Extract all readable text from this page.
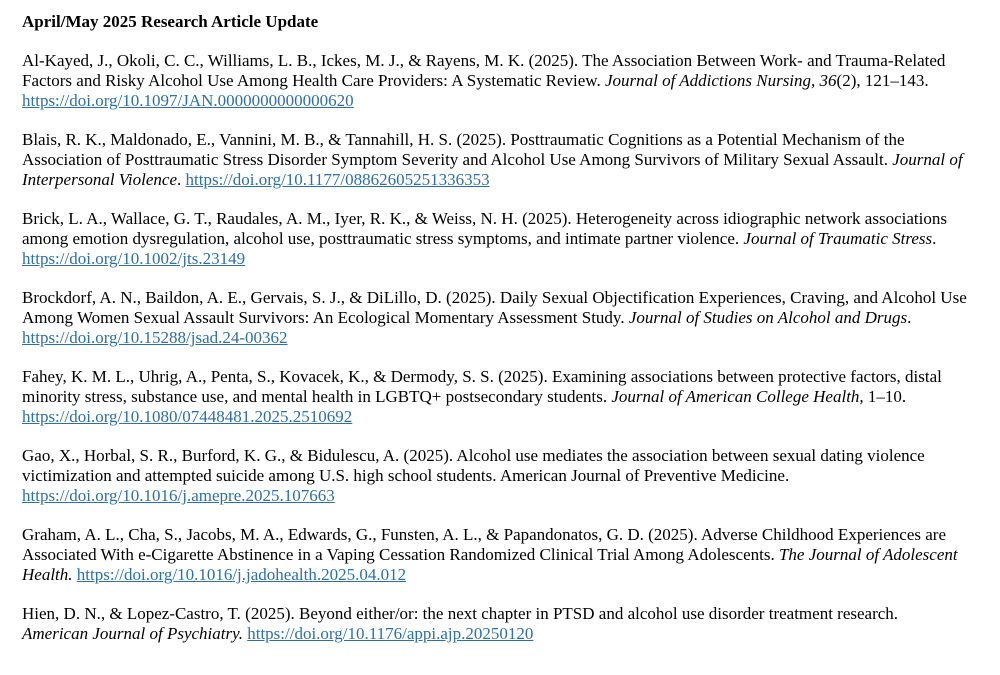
April/May 2025 Research Article Update

Al-Kayed, J., Okoli, C. C., Williams, L. B., Ickes, M. J., & Rayens, M. K. (2025). The Association Between Work- and Trauma-Related Factors and Risky Alcohol Use Among Health Care Providers: A Systematic Review. Journal of Addictions Nursing, 36(2), 121–143. https://doi.org/10.1097/JAN.0000000000000620

Blais, R. K., Maldonado, E., Vannini, M. B., & Tannahill, H. S. (2025). Posttraumatic Cognitions as a Potential Mechanism of the Association of Posttraumatic Stress Disorder Symptom Severity and Alcohol Use Among Survivors of Military Sexual Assault. Journal of Interpersonal Violence. https://doi.org/10.1177/08862605251336353

Brick, L. A., Wallace, G. T., Raudales, A. M., Iyer, R. K., & Weiss, N. H. (2025). Heterogeneity across idiographic network associations among emotion dysregulation, alcohol use, posttraumatic stress symptoms, and intimate partner violence. Journal of Traumatic Stress. https://doi.org/10.1002/jts.23149

Brockdorf, A. N., Baildon, A. E., Gervais, S. J., & DiLillo, D. (2025). Daily Sexual Objectification Experiences, Craving, and Alcohol Use Among Women Sexual Assault Survivors: An Ecological Momentary Assessment Study. Journal of Studies on Alcohol and Drugs. https://doi.org/10.15288/jsad.24-00362

Fahey, K. M. L., Uhrig, A., Penta, S., Kovacek, K., & Dermody, S. S. (2025). Examining associations between protective factors, distal minority stress, substance use, and mental health in LGBTQ+ postsecondary students. Journal of American College Health, 1–10. https://doi.org/10.1080/07448481.2025.2510692

Gao, X., Horbal, S. R., Burford, K. G., & Bidulescu, A. (2025). Alcohol use mediates the association between sexual dating violence victimization and attempted suicide among U.S. high school students. American Journal of Preventive Medicine. https://doi.org/10.1016/j.amepre.2025.107663

Graham, A. L., Cha, S., Jacobs, M. A., Edwards, G., Funsten, A. L., & Papandonatos, G. D. (2025). Adverse Childhood Experiences are Associated With e-Cigarette Abstinence in a Vaping Cessation Randomized Clinical Trial Among Adolescents. The Journal of Adolescent Health. https://doi.org/10.1016/j.jadohealth.2025.04.012

Hien, D. N., & Lopez-Castro, T. (2025). Beyond either/or: the next chapter in PTSD and alcohol use disorder treatment research. American Journal of Psychiatry. https://doi.org/10.1176/appi.ajp.20250120
